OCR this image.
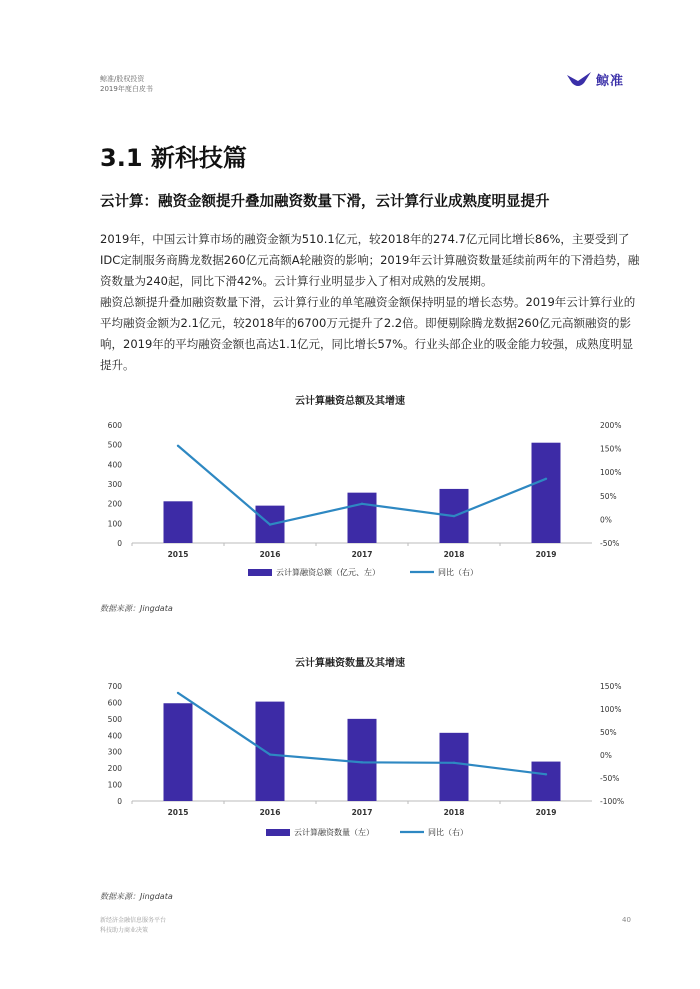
鲸准/股权投资
2019年度白皮书	鲸准
3.1 新科技篇
云计算：融资金额提升叠加融资数量下滑，云计算行业成熟度明显提升
2019年，中国云计算市场的融资金额为510.1亿元，较2018年的274.7亿元同比增长86%，主要受到了IDC定制服务商腾龙数据260亿元高额A轮融资的影响；2019年云计算融资数量延续前两年的下滑趋势，融资数量为240起，同比下滑42%。云计算行业明显步入了相对成熟的发展期。
融资总额提升叠加融资数量下滑，云计算行业的单笔融资金额保持明显的增长态势。2019年云计算行业的平均融资金额为2.1亿元，较2018年的6700万元提升了2.2倍。即便剔除腾龙数据260亿元高额融资的影响，2019年的平均融资金额也高达1.1亿元，同比增长57%。行业头部企业的吸金能力较强，成熟度明显提升。
云计算融资总额及其增速
600
500
400
300
200
100
0
200%
150%
100%
50%
0%
-50%
2015	2016	2017	2018	2019
云计算融资总额（亿元、左）	同比（右）
数据来源：Jingdata
云计算融资数量及其增速
700
600
500
400
300
200
100
0
150%
100%
50%
0%
-50%
-100%
2015	2016	2017	2018	2019
云计算融资数量（左）	同比（右）
数据来源：Jingdata
新经济金融信息服务平台
科技助力商业决策
40
